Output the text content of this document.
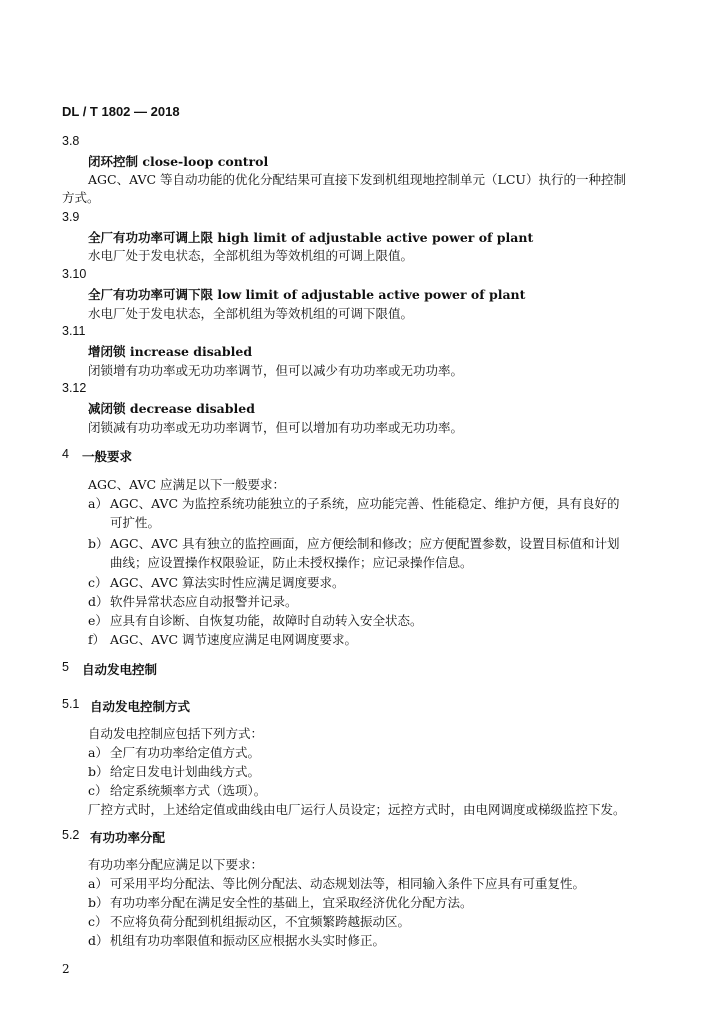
DL / T 1802 — 2018
3.8
闭环控制 close-loop control
AGC、AVC 等自动功能的优化分配结果可直接下发到机组现地控制单元（LCU）执行的一种控制
方式。
3.9
全厂有功功率可调上限 high limit of adjustable active power of plant
水电厂处于发电状态，全部机组为等效机组的可调上限值。
3.10
全厂有功功率可调下限 low limit of adjustable active power of plant
水电厂处于发电状态，全部机组为等效机组的可调下限值。
3.11
增闭锁 increase disabled
闭锁增有功功率或无功功率调节，但可以减少有功功率或无功功率。
3.12
减闭锁 decrease disabled
闭锁减有功功率或无功功率调节，但可以增加有功功率或无功功率。
4 一般要求
AGC、AVC 应满足以下一般要求：
a） AGC、AVC 为监控系统功能独立的子系统，应功能完善、性能稳定、维护方便，具有良好的
可扩性。
b）AGC、AVC 具有独立的监控画面，应方便绘制和修改；应方便配置参数，设置目标值和计划
曲线；应设置操作权限验证，防止未授权操作；应记录操作信息。
c） AGC、AVC 算法实时性应满足调度要求。
d）软件异常状态应自动报警并记录。
e） 应具有自诊断、自恢复功能，故障时自动转入安全状态。
f） AGC、AVC 调节速度应满足电网调度要求。
5 自动发电控制
5.1 自动发电控制方式
自动发电控制应包括下列方式：
a） 全厂有功功率给定值方式。
b）给定日发电计划曲线方式。
c） 给定系统频率方式（选项）。
厂控方式时，上述给定值或曲线由电厂运行人员设定；远控方式时，由电网调度或梯级监控下发。
5.2 有功功率分配
有功功率分配应满足以下要求：
a） 可采用平均分配法、等比例分配法、动态规划法等，相同输入条件下应具有可重复性。
b）有功功率分配在满足安全性的基础上，宜采取经济优化分配方法。
c） 不应将负荷分配到机组振动区，不宜频繁跨越振动区。
d）机组有功功率限值和振动区应根据水头实时修正。
2
